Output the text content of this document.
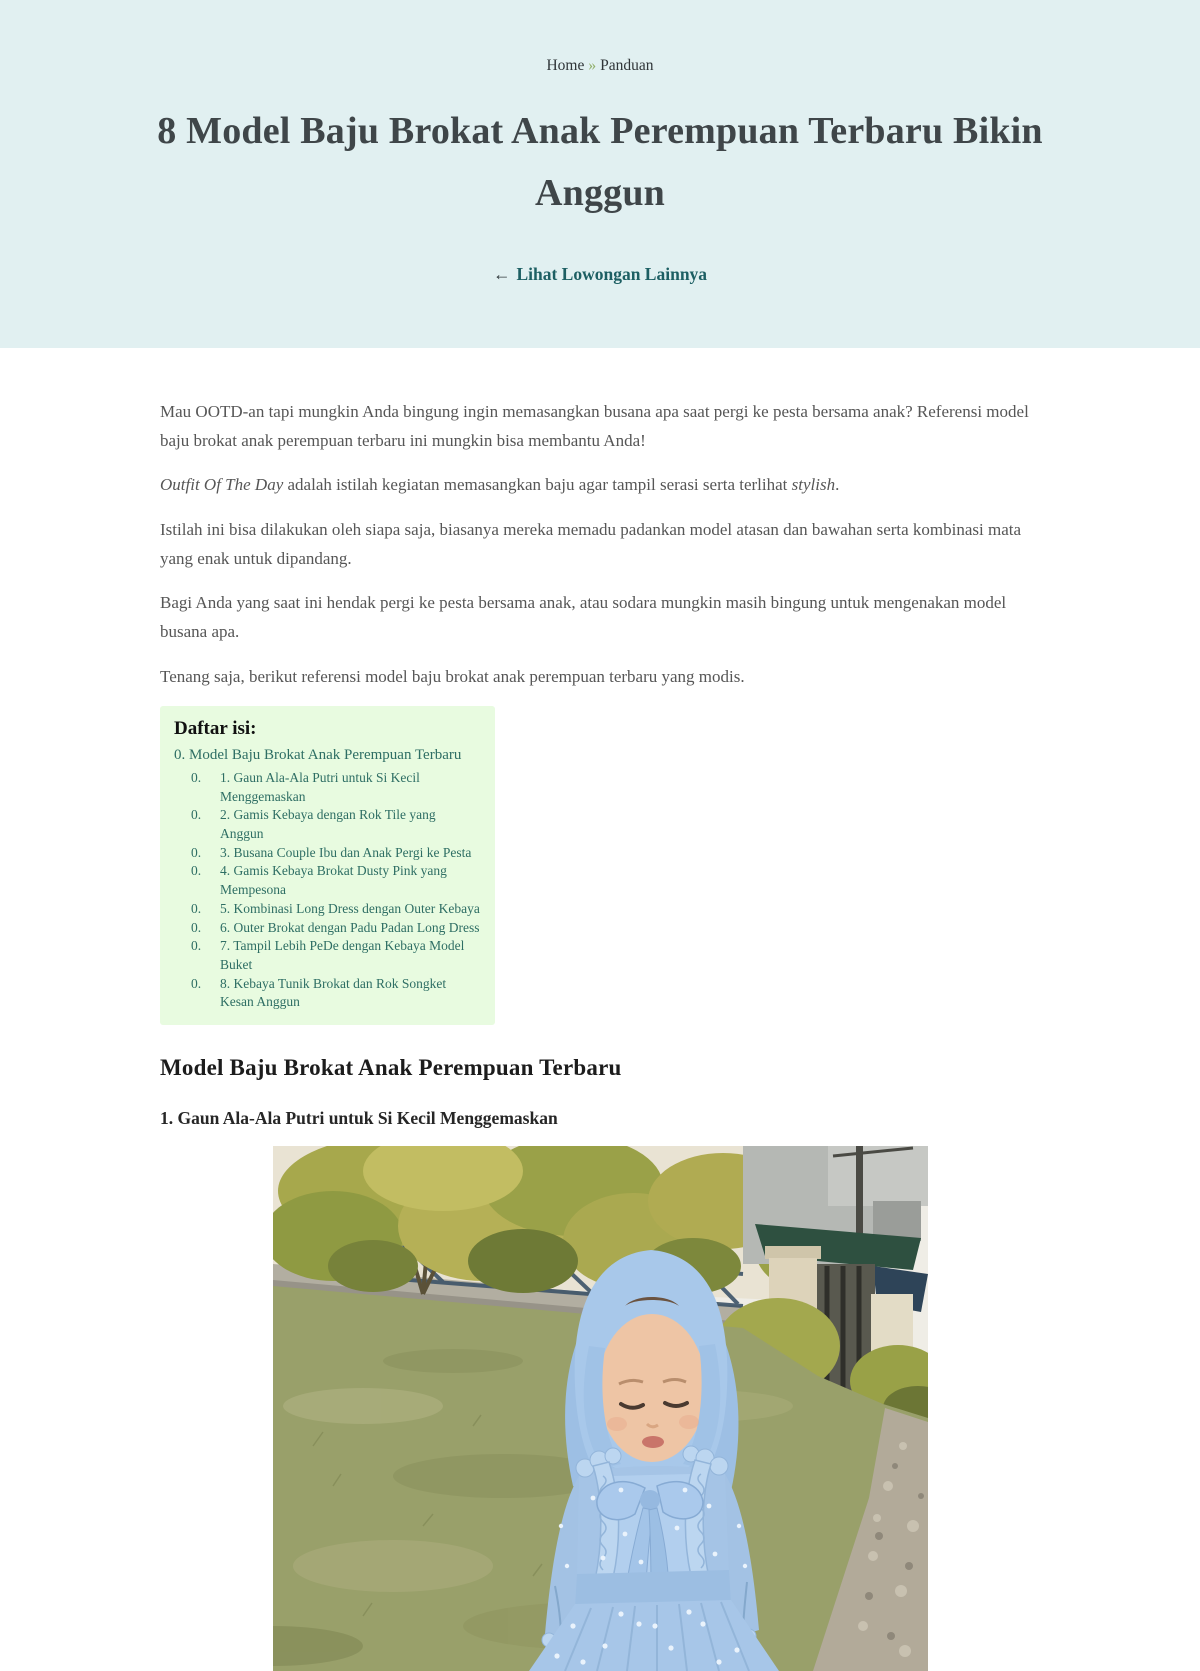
Home » Panduan
8 Model Baju Brokat Anak Perempuan Terbaru Bikin Anggun
← Lihat Lowongan Lainnya

Mau OOTD-an tapi mungkin Anda bingung ingin memasangkan busana apa saat pergi ke pesta bersama anak? Referensi model baju brokat anak perempuan terbaru ini mungkin bisa membantu Anda!

Outfit Of The Day adalah istilah kegiatan memasangkan baju agar tampil serasi serta terlihat stylish.

Istilah ini bisa dilakukan oleh siapa saja, biasanya mereka memadu padankan model atasan dan bawahan serta kombinasi mata yang enak untuk dipandang.

Bagi Anda yang saat ini hendak pergi ke pesta bersama anak, atau sodara mungkin masih bingung untuk mengenakan model busana apa.

Tenang saja, berikut referensi model baju brokat anak perempuan terbaru yang modis.

Daftar isi:
0. Model Baju Brokat Anak Perempuan Terbaru
0.	1. Gaun Ala-Ala Putri untuk Si Kecil Menggemaskan
0.	2. Gamis Kebaya dengan Rok Tile yang Anggun
0.	3. Busana Couple Ibu dan Anak Pergi ke Pesta
0.	4. Gamis Kebaya Brokat Dusty Pink yang Mempesona
0.	5. Kombinasi Long Dress dengan Outer Kebaya
0.	6. Outer Brokat dengan Padu Padan Long Dress
0.	7. Tampil Lebih PeDe dengan Kebaya Model Buket
0.	8. Kebaya Tunik Brokat dan Rok Songket Kesan Anggun
Model Baju Brokat Anak Perempuan Terbaru
1. Gaun Ala-Ala Putri untuk Si Kecil Menggemaskan
